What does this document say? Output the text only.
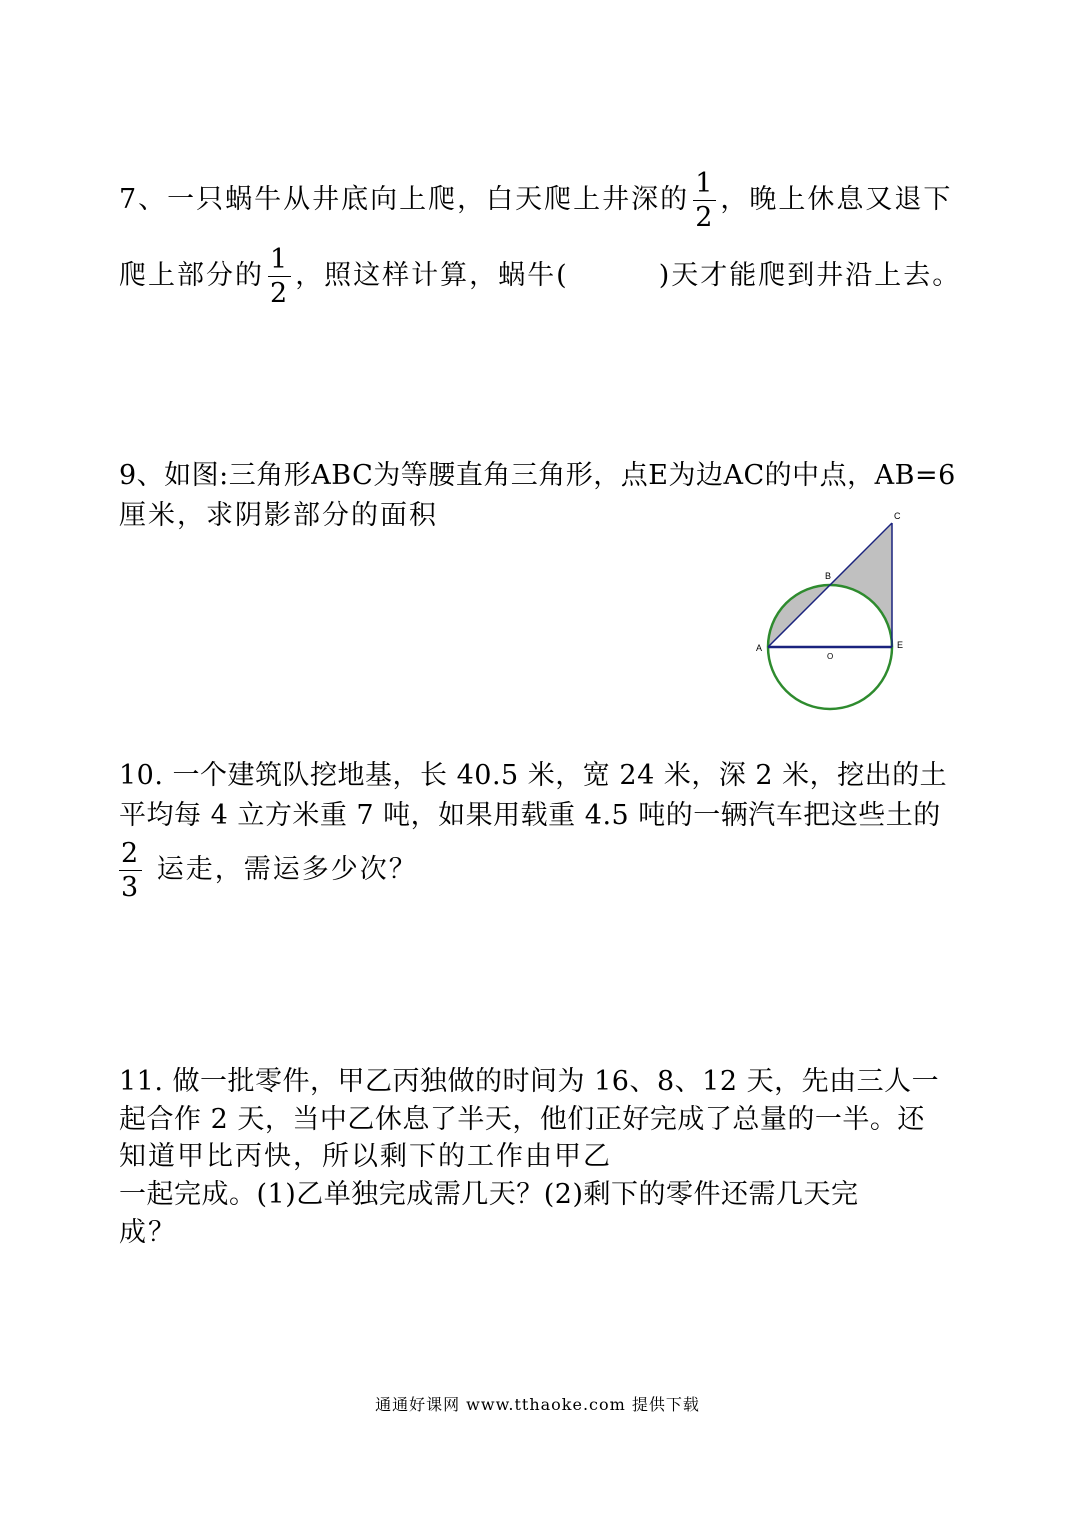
7、一只蜗牛从井底向上爬，白天爬上井深的 $\frac{1}{2}$ ，晚上休息又退下
爬上部分的 $\frac{1}{2}$ ，照这样计算，蜗牛(	)天才能爬到井沿上去。
9、如图:三角形ABC为等腰直角三角形，点E为边AC的中点，AB=6
厘米，求阴影部分的面积
A
B
C
E
O
10. 一个建筑队挖地基，长 40.5 米，宽 24 米，深 2 米，挖出的土
平均每 4 立方米重 7 吨，如果用载重 4.5 吨的一辆汽车把这些土的
$\frac{2}{3}$ 运走，需运多少次？
11. 做一批零件，甲乙丙独做的时间为 16、8、12 天，先由三人一
起合作 2 天，当中乙休息了半天，他们正好完成了总量的一半。还
知道甲比丙快，所以剩下的工作由甲乙
一起完成。(1)乙单独完成需几天？(2)剩下的零件还需几天完
成？
通通好课网 www.tthaoke.com 提供下载
